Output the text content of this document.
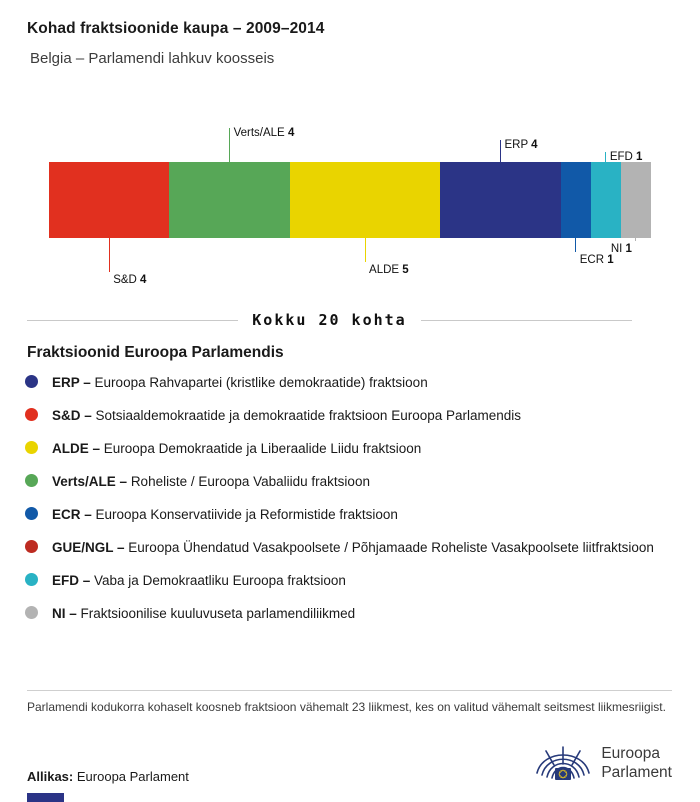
Kohad fraktsioonide kaupa – 2009–2014
Belgia – Parlamendi lahkuv koosseis
S&D 4
Verts/ALE 4
ALDE 5
ERP 4
ECR 1
EFD 1
NI 1
Kokku 20 kohta
Fraktsioonid Euroopa Parlamendis
ERP – Euroopa Rahvapartei (kristlike demokraatide) fraktsioon
S&D – Sotsiaaldemokraatide ja demokraatide fraktsioon Euroopa Parlamendis
ALDE – Euroopa Demokraatide ja Liberaalide Liidu fraktsioon
Verts/ALE – Roheliste / Euroopa Vabaliidu fraktsioon
ECR – Euroopa Konservatiivide ja Reformistide fraktsioon
GUE/NGL – Euroopa Ühendatud Vasakpoolsete / Põhjamaade Roheliste Vasakpoolsete liitfraktsioon
EFD – Vaba ja Demokraatliku Euroopa fraktsioon
NI – Fraktsioonilise kuuluvuseta parlamendiliikmed

Parlamendi kodukorra kohaselt koosneb fraktsioon vähemalt 23 liikmest, kes on valitud vähemalt seitsmest liikmesriigist.

Allikas: Euroopa Parlament
Euroopa
Parlament
